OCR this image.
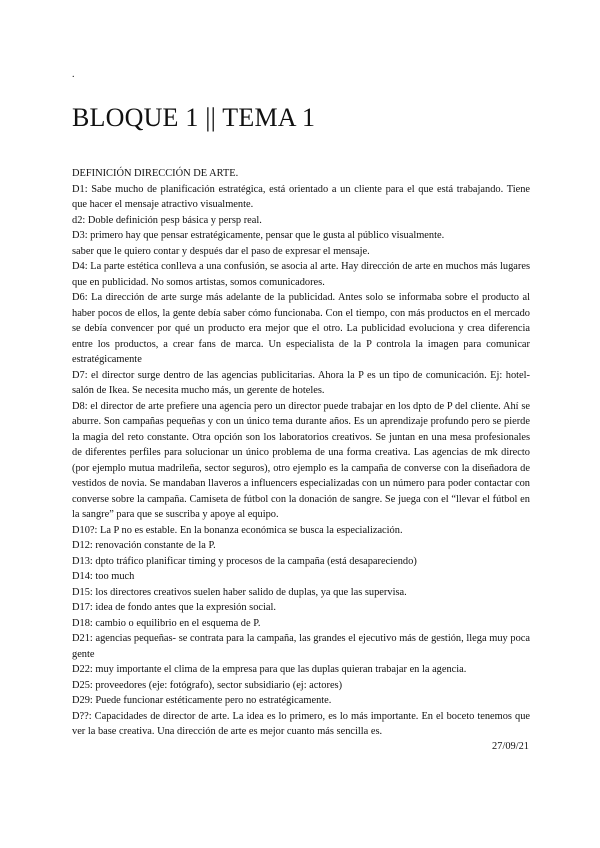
.
BLOQUE 1 || TEMA 1

DEFINICIÓN DIRECCIÓN DE ARTE.

D1: Sabe mucho de planificación estratégica, está orientado a un cliente para el que está trabajando. Tiene que hacer el mensaje atractivo visualmente.

d2: Doble definición pesp básica y persp real.

D3: primero hay que pensar estratégicamente, pensar que le gusta al público visualmente.

saber que le quiero contar y después dar el paso de expresar el mensaje.

D4: La parte estética conlleva a una confusión, se asocia al arte. Hay dirección de arte en muchos más lugares que en publicidad. No somos artistas, somos comunicadores.

D6: La dirección de arte surge más adelante de la publicidad. Antes solo se informaba sobre el producto al haber pocos de ellos, la gente debía saber cómo funcionaba. Con el tiempo, con más productos en el mercado se debía convencer por qué un producto era mejor que el otro. La publicidad evoluciona y crea diferencia entre los productos, a crear fans de marca. Un especialista de la P controla la imagen para comunicar estratégicamente

D7: el director surge dentro de las agencias publicitarias. Ahora la P es un tipo de comunicación. Ej: hotel-salón de Ikea. Se necesita mucho más, un gerente de hoteles.

D8: el director de arte prefiere una agencia pero un director puede trabajar en los dpto de P del cliente. Ahí se aburre. Son campañas pequeñas y con un único tema durante años. Es un aprendizaje profundo pero se pierde la magia del reto constante. Otra opción son los laboratorios creativos. Se juntan en una mesa profesionales de diferentes perfiles para solucionar un único problema de una forma creativa. Las agencias de mk directo (por ejemplo mutua madrileña, sector seguros), otro ejemplo es la campaña de converse con la diseñadora de vestidos de novia. Se mandaban llaveros a influencers especializadas con un número para poder contactar con converse sobre la campaña. Camiseta de fútbol con la donación de sangre. Se juega con el “llevar el fútbol en la sangre” para que se suscriba y apoye al equipo.

D10?: La P no es estable. En la bonanza económica se busca la especialización.

D12: renovación constante de la P.

D13: dpto tráfico planificar timing y procesos de la campaña (está desapareciendo)

D14: too much

D15: los directores creativos suelen haber salido de duplas, ya que las supervisa.

D17: idea de fondo antes que la expresión social.

D18: cambio o equilibrio en el esquema de P.

D21: agencias pequeñas- se contrata para la campaña, las grandes el ejecutivo más de gestión, llega muy poca gente

D22: muy importante el clima de la empresa para que las duplas quieran trabajar en la agencia.

D25: proveedores (eje: fotógrafo), sector subsidiario (ej: actores)

D29: Puede funcionar estéticamente pero no estratégicamente.

D??: Capacidades de director de arte. La idea es lo primero, es lo más importante. En el boceto tenemos que ver la base creativa. Una dirección de arte es mejor cuanto más sencilla es.

27/09/21
